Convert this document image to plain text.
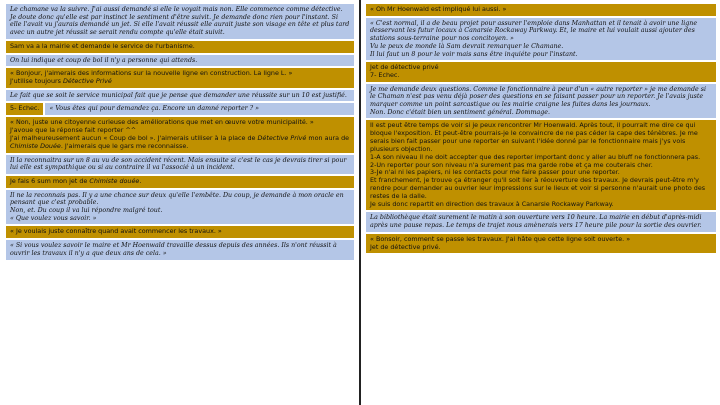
Le chamane va la suivre. J'ai aussi demandé si elle le voyait mais non. Elle commence comme détective. Je doute donc qu'elle est par instinct le sentiment d'être suivit. Je demande donc rien pour l'instant. Si elle l'avait vu j'aurais demandé un jet. Si elle l'avait réussit elle aurait juste son visage en tête et plus tard avec un autre jet réussit se serait rendu compte qu'elle était suivit.
Sam va a la mairie et demande le service de l'urbanisme.
On lui indique et coup de bol il n'y a personne qui attends.
« Bonjour, j'aimerais des informations sur la nouvelle ligne en construction. La ligne L. »
J'utilise toujours Détective Privé
Le fait que se soit le service municipal fait que je pense que demander une réussite sur un 10 est justifié.
5- Echec.	« Vous êtes qui pour demandez ça. Encore un damné reporter ? »
« Non, juste une citoyenne curieuse des améliorations que met en œuvre votre municipalité. »
J'avoue que la réponse fait reporter ^^
J'ai malheureusement aucun « Coup de bol ». J'aimerais utiliser à la place de Détective Privé mon aura de Chimiste Douée. J'aimerais que le gars me reconnaisse.
Il la reconnaitra sur un 8 au vu de son accident récent. Mais ensuite si c'est le cas je devrais tirer si pour lui elle est sympathique ou si au contraire il va l'associé à un incident.
Je fais 6 sum mon jet de Chimiste douée.
Il ne la reconnais pas. Il y a une chance sur deux qu'elle l'embête. Du coup, je demande à mon oracle en pensant que c'est probable.
Non, et. Du coup il va lui répondre malgré tout.
« Que voulez vous savoir. »
« Je voulais juste connaître quand avait commencer les travaux. »
« Si vous voulez savoir le maire et Mr Hoenwald travaille dessus depuis des années. Ils n'ont réussit à ouvrir les travaux il n'y a que deux ans de cela. »
« Oh Mr Hoenwald est impliqué lui aussi. »
« C'est normal, il a de beau projet pour assurer l'emploie dans Manhattan et il tenait à avoir une ligne desservant les futur locaux à Canarsie Rockaway Parkway. Et, le maire et lui voulait aussi ajouter des stations sous-terraine pour nos concitoyen. »
Vu le peux de monde là Sam devrait remarquer le Chamane.
Il lui faut un 8 pour le voir mais sans être inquiéte pour l'instant.
Jet de détective privé
7- Echec.
Je me demande deux questions. Comme le fonctionnaire à peur d'un « autre reporter » je me demande si le Chaman n'est pas venu déjà poser des questions en se faisant passer pour un reporter. Je l'avais juste marquer comme un point sarcastique ou les mairie craigne les fuites dans les journaux.
Non. Donc c'était bien un sentiment général. Dommage.
Il est peut être temps de voir si je peux rencontrer Mr Hoenwald. Après tout, il pourrait me dire ce qui bloque l'exposition. Et peut-être pourrais-je le convaincre de ne pas céder la cape des ténèbres. Je me serais bien fait passer pour une reporter en suivant l'idée donné par le fonctionnaire mais j'ys vois plusieurs objection.
1-A son niveau il ne doit accepter que des reporter important donc y aller au bluff ne fonctionnera pas.
2-Un reporter pour son niveau n'a surement pas ma garde robe et ça me couterais cher.
3-Je n'ai ni les papiers, ni les contacts pour me faire passer pour une reporter.
Et franchement, je trouve ça étranger qu'il soit lier à réouverture des travaux. Je devrais peut-être m'y rendre pour demander au ouvrier leur impressions sur le lieux et voir si personne n'aurait une photo des restes de la dalle.
Je suis donc repartit en direction des travaux à Canarsie Rockaway Parkway.
La bibliothèque était surement le matin à son ouverture vers 10 heure. La mairie en début d'après-midi après une pause repas. Le temps de trajet nous amènerais vers 17 heure pile pour la sortie des ouvrier.
« Bonsoir, comment se passe les travaux. J'ai hâte que cette ligne soit ouverte. »
Jet de détective privé.
